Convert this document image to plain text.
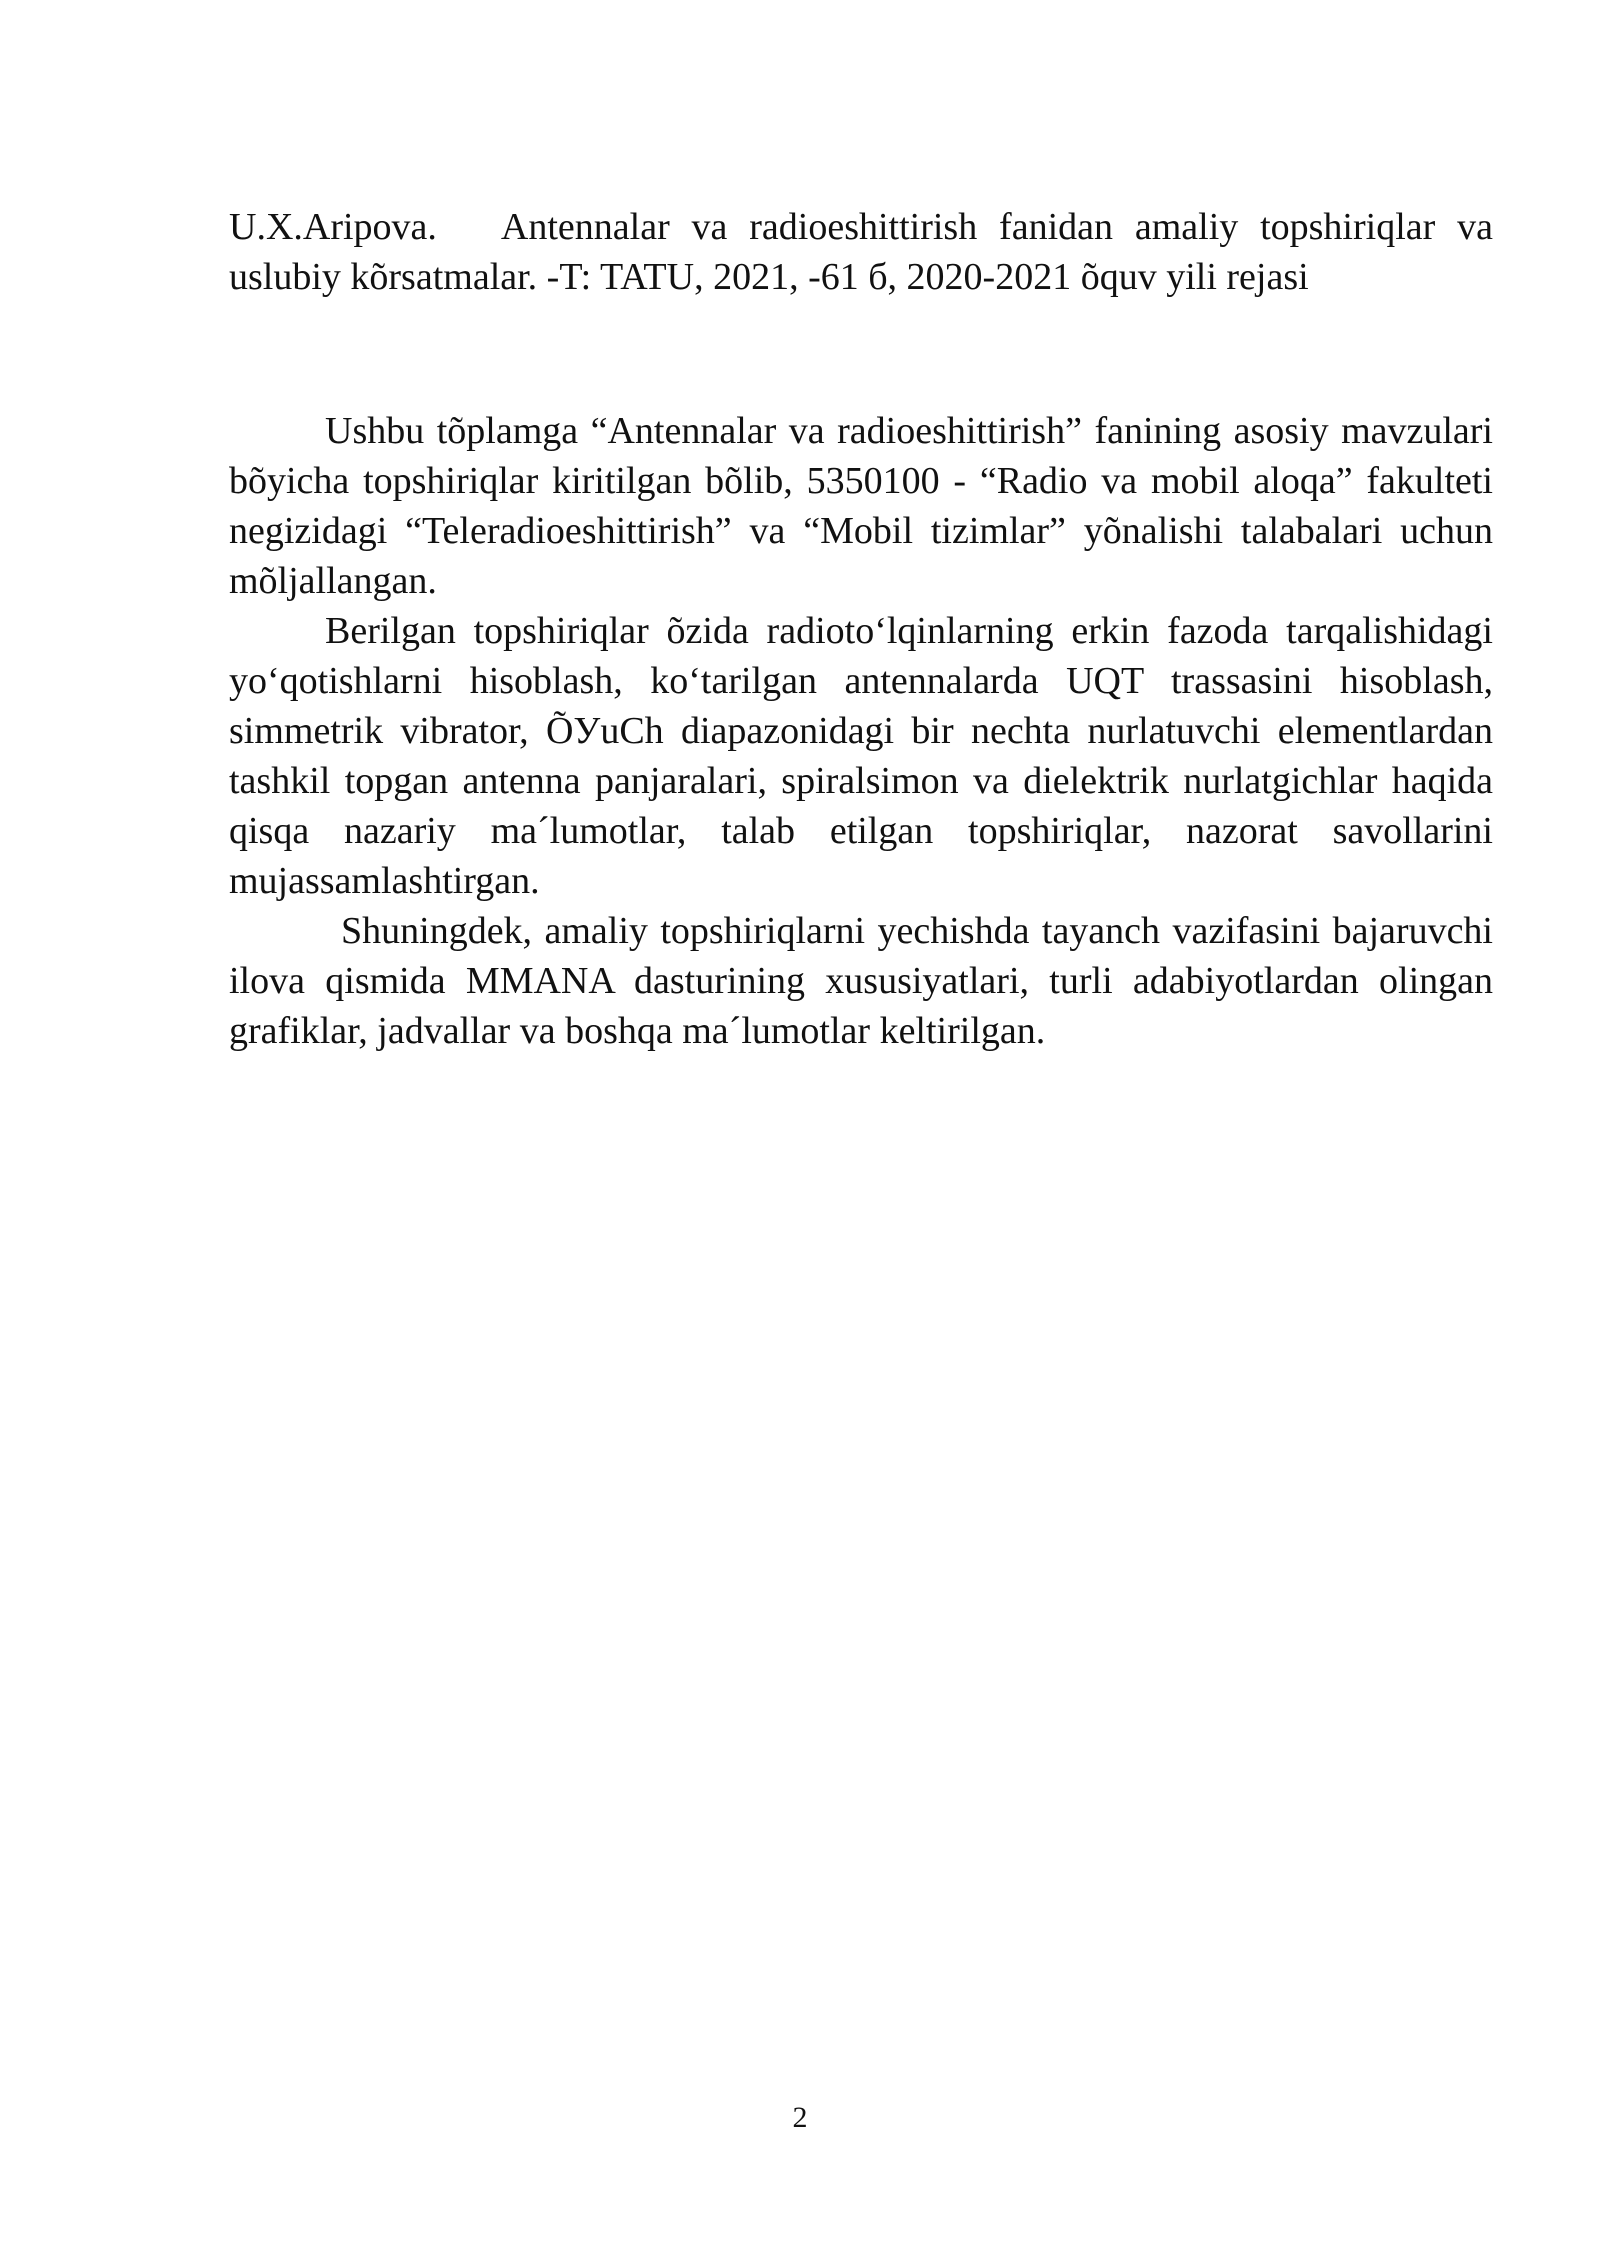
U.X.Aripova. Antennalar va radioeshittirish fanidan amaliy topshiriqlar va uslubiy kõrsatmalar. -T: TATU, 2021, -61 б, 2020-2021 õquv yili rejasi

Ushbu tõplamga “Antennalar va radioeshittirish” fanining asosiy mavzulari bõyicha topshiriqlar kiritilgan bõlib, 5350100 - “Radio va mobil aloqa” fakulteti negizidagi “Teleradioeshittirish” va “Mobil tizimlar” yõnalishi talabalari uchun mõljallangan.

Berilgan topshiriqlar õzida radioto‘lqinlarning erkin fazoda tarqalishidagi yo‘qotishlarni hisoblash, ko‘tarilgan antennalarda UQT trassasini hisoblash, simmetrik vibrator, ÕУuCh diapazonidagi bir nechta nurlatuvchi elementlardan tashkil topgan antenna panjaralari, spiralsimon va dielektrik nurlatgichlar haqida qisqa nazariy ma´lumotlar, talab etilgan topshiriqlar, nazorat savollarini mujassamlashtirgan.

Shuningdek, amaliy topshiriqlarni yechishda tayanch vazifasini bajaruvchi ilova qismida MMANA dasturining xususiyatlari, turli adabiyotlardan olingan grafiklar, jadvallar va boshqa ma´lumotlar keltirilgan.

2
